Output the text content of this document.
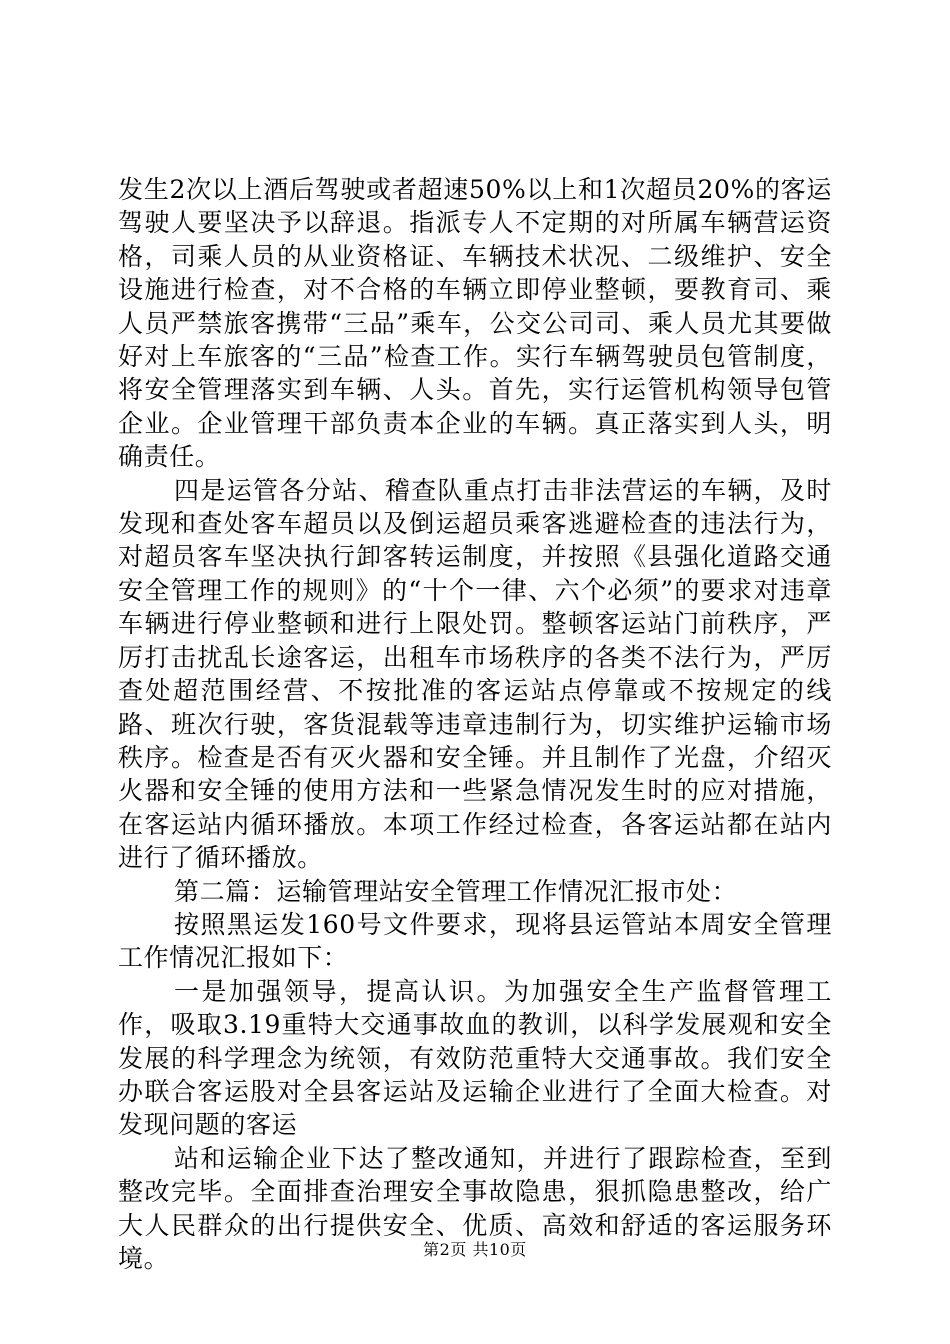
发生2次以上酒后驾驶或者超速50%以上和1次超员20%的客运驾驶人要坚决予以辞退。指派专人不定期的对所属车辆营运资格，司乘人员的从业资格证、车辆技术状况、二级维护、安全设施进行检查，对不合格的车辆立即停业整顿，要教育司、乘人员严禁旅客携带“三品”乘车，公交公司司、乘人员尤其要做好对上车旅客的“三品”检查工作。实行车辆驾驶员包管制度，将安全管理落实到车辆、人头。首先，实行运管机构领导包管企业。企业管理干部负责本企业的车辆。真正落实到人头，明确责任。

四是运管各分站、稽查队重点打击非法营运的车辆，及时发现和查处客车超员以及倒运超员乘客逃避检查的违法行为，对超员客车坚决执行卸客转运制度，并按照《县强化道路交通安全管理工作的规则》的“十个一律、六个必须”的要求对违章车辆进行停业整顿和进行上限处罚。整顿客运站门前秩序，严厉打击扰乱长途客运，出租车市场秩序的各类不法行为，严厉查处超范围经营、不按批准的客运站点停靠或不按规定的线路、班次行驶，客货混载等违章违制行为，切实维护运输市场秩序。检查是否有灭火器和安全锤。并且制作了光盘，介绍灭火器和安全锤的使用方法和一些紧急情况发生时的应对措施，在客运站内循环播放。本项工作经过检查，各客运站都在站内进行了循环播放。

第二篇：运输管理站安全管理工作情况汇报市处：

按照黑运发160号文件要求，现将县运管站本周安全管理工作情况汇报如下：

一是加强领导，提高认识。为加强安全生产监督管理工作，吸取3.19重特大交通事故血的教训，以科学发展观和安全发展的科学理念为统领，有效防范重特大交通事故。我们安全办联合客运股对全县客运站及运输企业进行了全面大检查。对发现问题的客运

站和运输企业下达了整改通知，并进行了跟踪检查，至到整改完毕。全面排查治理安全事故隐患，狠抓隐患整改，给广大人民群众的出行提供安全、优质、高效和舒适的客运服务环境。	第2页 共10页
